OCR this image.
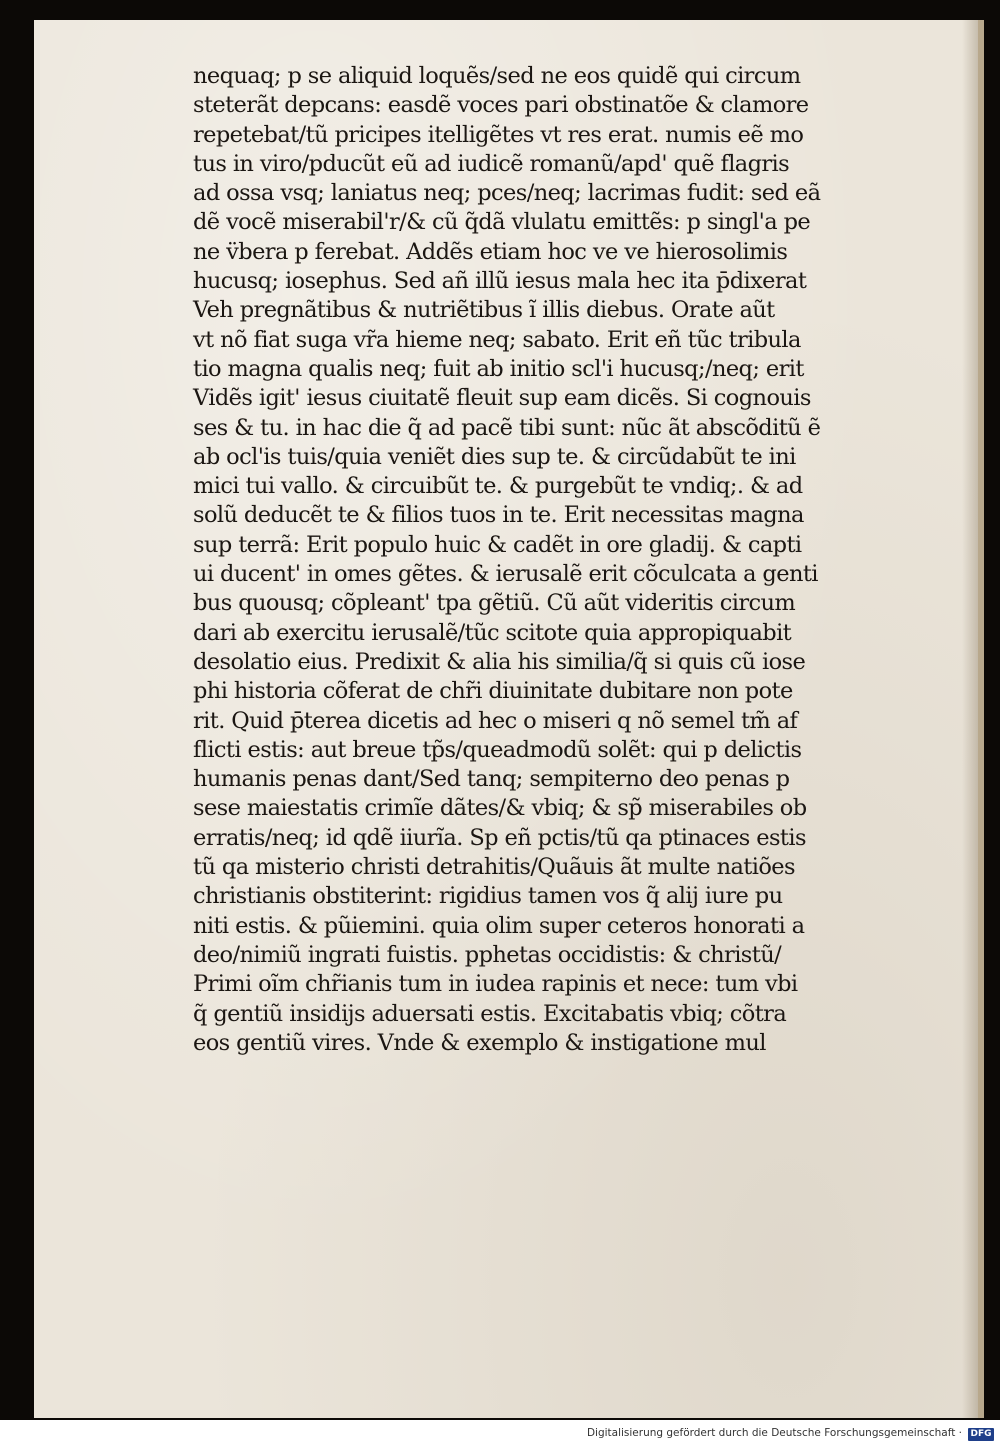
nequaq; p se aliquid loquẽs/sed ne eos quidẽ qui circum
steterãt depcans: easdẽ voces pari obstinatõe & clamore
repetebat/tũ pricipes itelligẽtes vt res erat. numis eẽ mo
tus in viro/pducũt eũ ad iudicẽ romanũ/apd' quẽ flagris
ad ossa vsq; laniatus neq; pces/neq; lacrimas fudit: sed eã
dẽ vocẽ miserabil'r/& cũ q̃dã vlulatu emittẽs: p singl'a pe
ne v̈bera p ferebat. Addẽs etiam hoc ve ve hierosolimis
hucusq; iosephus. Sed añ illũ iesus mala hec ita p̄dixerat
Veh pregnãtibus & nutriẽtibus ĩ illis diebus. Orate aũt
vt nõ fiat suga vr̃a hieme neq; sabato. Erit eñ tũc tribula
tio magna qualis neq; fuit ab initio scl'i hucusq;/neq; erit
Vidẽs igit' iesus ciuitatẽ fleuit sup eam dicẽs. Si cognouis
ses & tu. in hac die q̃ ad pacẽ tibi sunt: nũc ãt abscõditũ ẽ
ab ocl'is tuis/quia veniẽt dies sup te. & circũdabũt te ini
mici tui vallo. & circuibũt te. & purgebũt te vndiq;. & ad
solũ deducẽt te & filios tuos in te. Erit necessitas magna
sup terrã: Erit populo huic & cadẽt in ore gladij. & capti
ui ducent' in omes gẽtes. & ierusalẽ erit cõculcata a genti
bus quousq; cõpleant' tpa gẽtiũ. Cũ aũt videritis circum
dari ab exercitu ierusalẽ/tũc scitote quia appropiquabit
desolatio eius. Predixit & alia his similia/q̃ si quis cũ iose
phi historia cõferat de chr̃i diuinitate dubitare non pote
rit. Quid p̄terea dicetis ad hec o miseri q nõ semel tm̃ af
flicti estis: aut breue tp̃s/queadmodũ solẽt: qui p delictis
humanis penas dant/Sed tanq; sempiterno deo penas p
sese maiestatis crimĩe dãtes/& vbiq; & sp̃ miserabiles ob
erratis/neq; id qdẽ iiurĩa. Sp eñ pctis/tũ qa ptinaces estis
tũ qa misterio christi detrahitis/Quãuis ãt multe natiões
christianis obstiterint: rigidius tamen vos q̃ alij iure pu
niti estis. & pũiemini. quia olim super ceteros honorati a
deo/nimiũ ingrati fuistis. pphetas occidistis: & christũ/
Primi oĩm chr̃ianis tum in iudea rapinis et nece: tum vbi
q̃ gentiũ insidijs aduersati estis. Excitabatis vbiq; cõtra
eos gentiũ vires. Vnde & exemplo & instigatione mul
Digitalisierung gefördert durch die Deutsche Forschungsgemeinschaft · DFG
